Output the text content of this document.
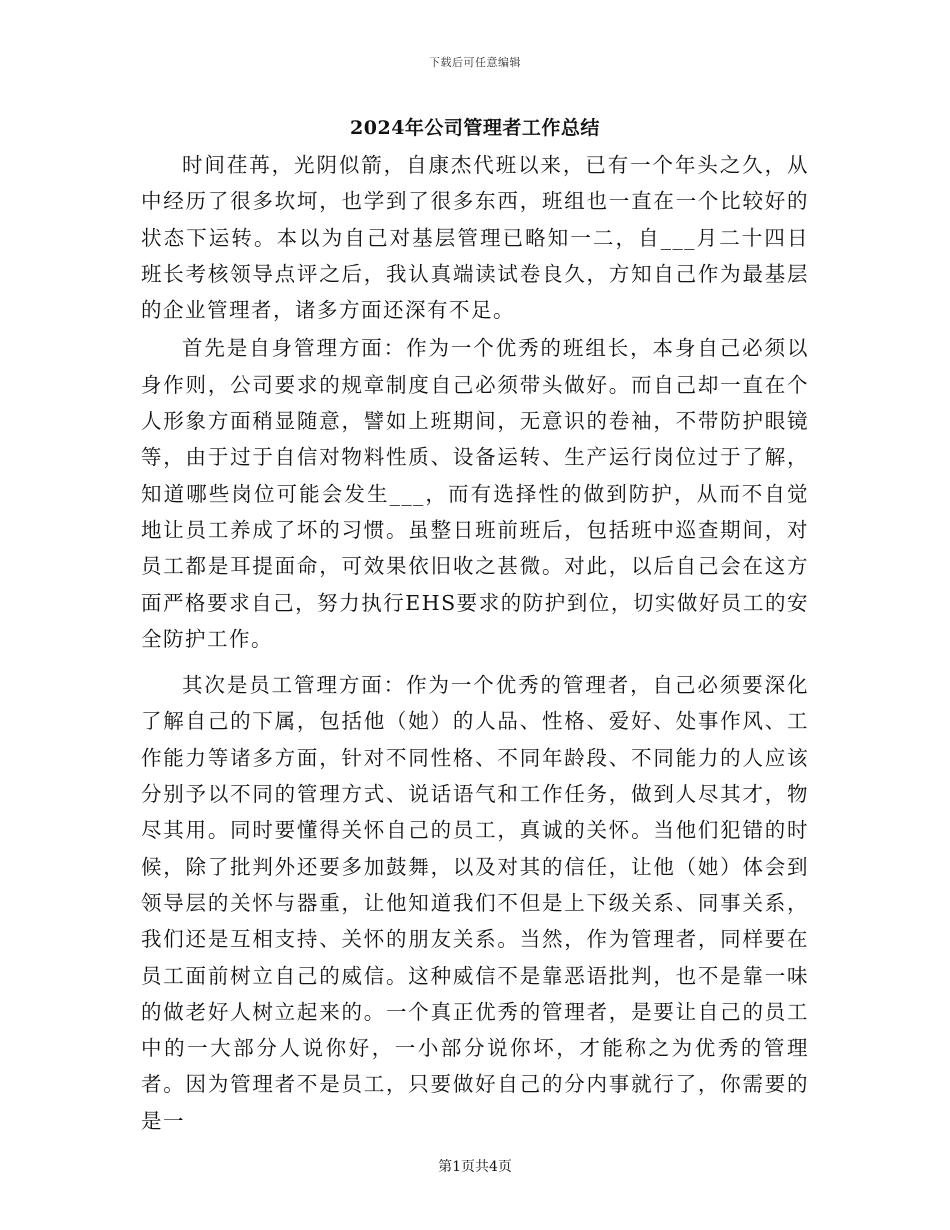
下载后可任意编辑
2024年公司管理者工作总结

时间荏苒，光阴似箭，自康杰代班以来，已有一个年头之久，从中经历了很多坎坷，也学到了很多东西，班组也一直在一个比较好的状态下运转。本以为自己对基层管理已略知一二，自___月二十四日班长考核领导点评之后，我认真端读试卷良久，方知自己作为最基层的企业管理者，诸多方面还深有不足。

首先是自身管理方面：作为一个优秀的班组长，本身自己必须以身作则，公司要求的规章制度自己必须带头做好。而自己却一直在个人形象方面稍显随意，譬如上班期间，无意识的卷袖，不带防护眼镜等，由于过于自信对物料性质、设备运转、生产运行岗位过于了解，知道哪些岗位可能会发生___，而有选择性的做到防护，从而不自觉地让员工养成了坏的习惯。虽整日班前班后，包括班中巡查期间，对员工都是耳提面命，可效果依旧收之甚微。对此，以后自己会在这方面严格要求自己，努力执行EHS要求的防护到位，切实做好员工的安全防护工作。

其次是员工管理方面：作为一个优秀的管理者，自己必须要深化了解自己的下属，包括他（她）的人品、性格、爱好、处事作风、工作能力等诸多方面，针对不同性格、不同年龄段、不同能力的人应该分别予以不同的管理方式、说话语气和工作任务，做到人尽其才，物尽其用。同时要懂得关怀自己的员工，真诚的关怀。当他们犯错的时候，除了批判外还要多加鼓舞，以及对其的信任，让他（她）体会到领导层的关怀与器重，让他知道我们不但是上下级关系、同事关系，我们还是互相支持、关怀的朋友关系。当然，作为管理者，同样要在员工面前树立自己的威信。这种威信不是靠恶语批判，也不是靠一味的做老好人树立起来的。一个真正优秀的管理者，是要让自己的员工中的一大部分人说你好，一小部分说你坏，才能称之为优秀的管理者。因为管理者不是员工，只要做好自己的分内事就行了，你需要的是一

第1页共4页
